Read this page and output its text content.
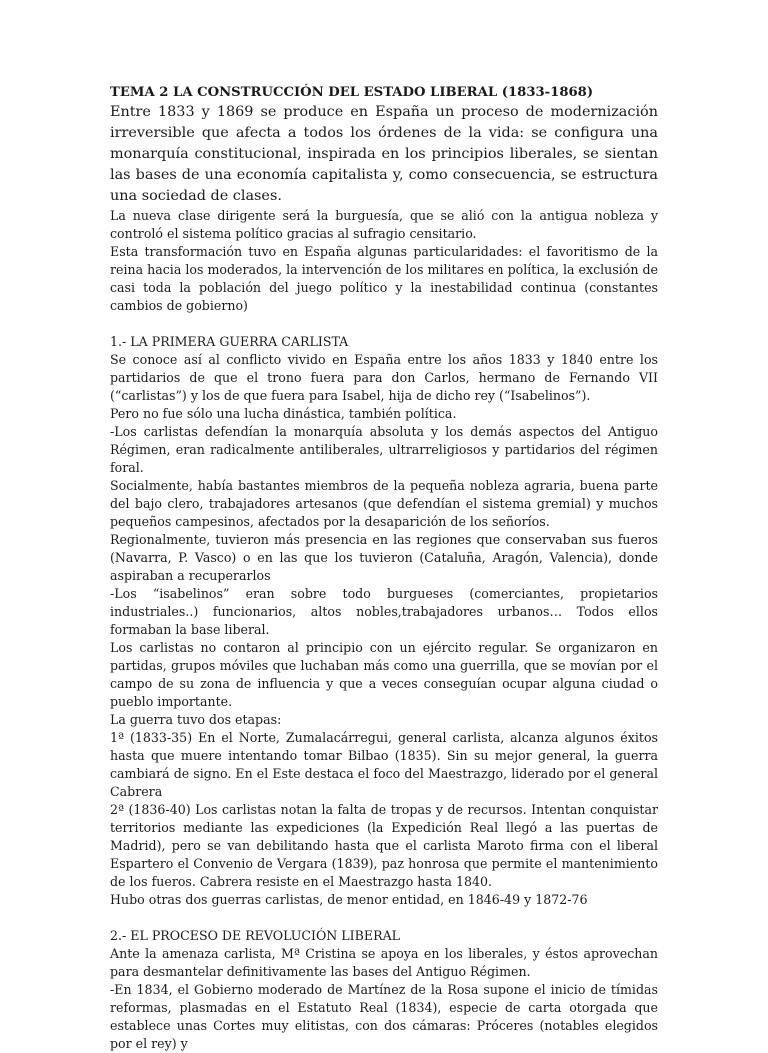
TEMA 2 LA CONSTRUCCIÓN DEL ESTADO LIBERAL (1833-1868)

Entre 1833 y 1869 se produce en España un proceso de modernización irreversible que afecta a todos los órdenes de la vida: se configura una monarquía constitucional, inspirada en los principios liberales, se sientan las bases de una economía capitalista y, como consecuencia, se estructura una sociedad de clases.

La nueva clase dirigente será la burguesía, que se alió con la antigua nobleza y controló el sistema político gracias al sufragio censitario.

Esta transformación tuvo en España algunas particularidades: el favoritismo de la reina hacia los moderados, la intervención de los militares en política, la exclusión de casi toda la población del juego político y la inestabilidad continua (constantes cambios de gobierno)

1.- LA PRIMERA GUERRA CARLISTA

Se conoce así al conflicto vivido en España entre los años 1833 y 1840 entre los partidarios de que el trono fuera para don Carlos, hermano de Fernando VII (“carlistas”) y los de que fuera para Isabel, hija de dicho rey (“Isabelinos”).

Pero no fue sólo una lucha dinástica, también política.

-Los carlistas defendían la monarquía absoluta y los demás aspectos del Antiguo Régimen, eran radicalmente antiliberales, ultrarreligiosos y partidarios del régimen foral.

Socialmente, había bastantes miembros de la pequeña nobleza agraria, buena parte del bajo clero, trabajadores artesanos (que defendían el sistema gremial) y muchos pequeños campesinos, afectados por la desaparición de los señoríos.

Regionalmente, tuvieron más presencia en las regiones que conservaban sus fueros (Navarra, P. Vasco) o en las que los tuvieron (Cataluña, Aragón, Valencia), donde aspiraban a recuperarlos

-Los “isabelinos” eran sobre todo burgueses (comerciantes, propietarios industriales..) funcionarios, altos nobles,trabajadores urbanos… Todos ellos formaban la base liberal.

Los carlistas no contaron al principio con un ejército regular. Se organizaron en partidas, grupos móviles que luchaban más como una guerrilla, que se movían por el campo de su zona de influencia y que a veces conseguían ocupar alguna ciudad o pueblo importante.

La guerra tuvo dos etapas:

1ª (1833-35) En el Norte, Zumalacárregui, general carlista, alcanza algunos éxitos hasta que muere intentando tomar Bilbao (1835). Sin su mejor general, la guerra cambiará de signo. En el Este destaca el foco del Maestrazgo, liderado por el general Cabrera

2ª (1836-40) Los carlistas notan la falta de tropas y de recursos. Intentan conquistar territorios mediante las expediciones (la Expedición Real llegó a las puertas de Madrid), pero se van debilitando hasta que el carlista Maroto firma con el liberal Espartero el Convenio de Vergara (1839), paz honrosa que permite el mantenimiento de los fueros. Cabrera resiste en el Maestrazgo hasta 1840.

Hubo otras dos guerras carlistas, de menor entidad, en 1846-49 y 1872-76

2.- EL PROCESO DE REVOLUCIÓN LIBERAL

Ante la amenaza carlista, Mª Cristina se apoya en los liberales, y éstos aprovechan para desmantelar definitivamente las bases del Antiguo Régimen.

-En 1834, el Gobierno moderado de Martínez de la Rosa supone el inicio de tímidas reformas, plasmadas en el Estatuto Real (1834), especie de carta otorgada que establece unas Cortes muy elitistas, con dos cámaras: Próceres (notables elegidos por el rey) y
